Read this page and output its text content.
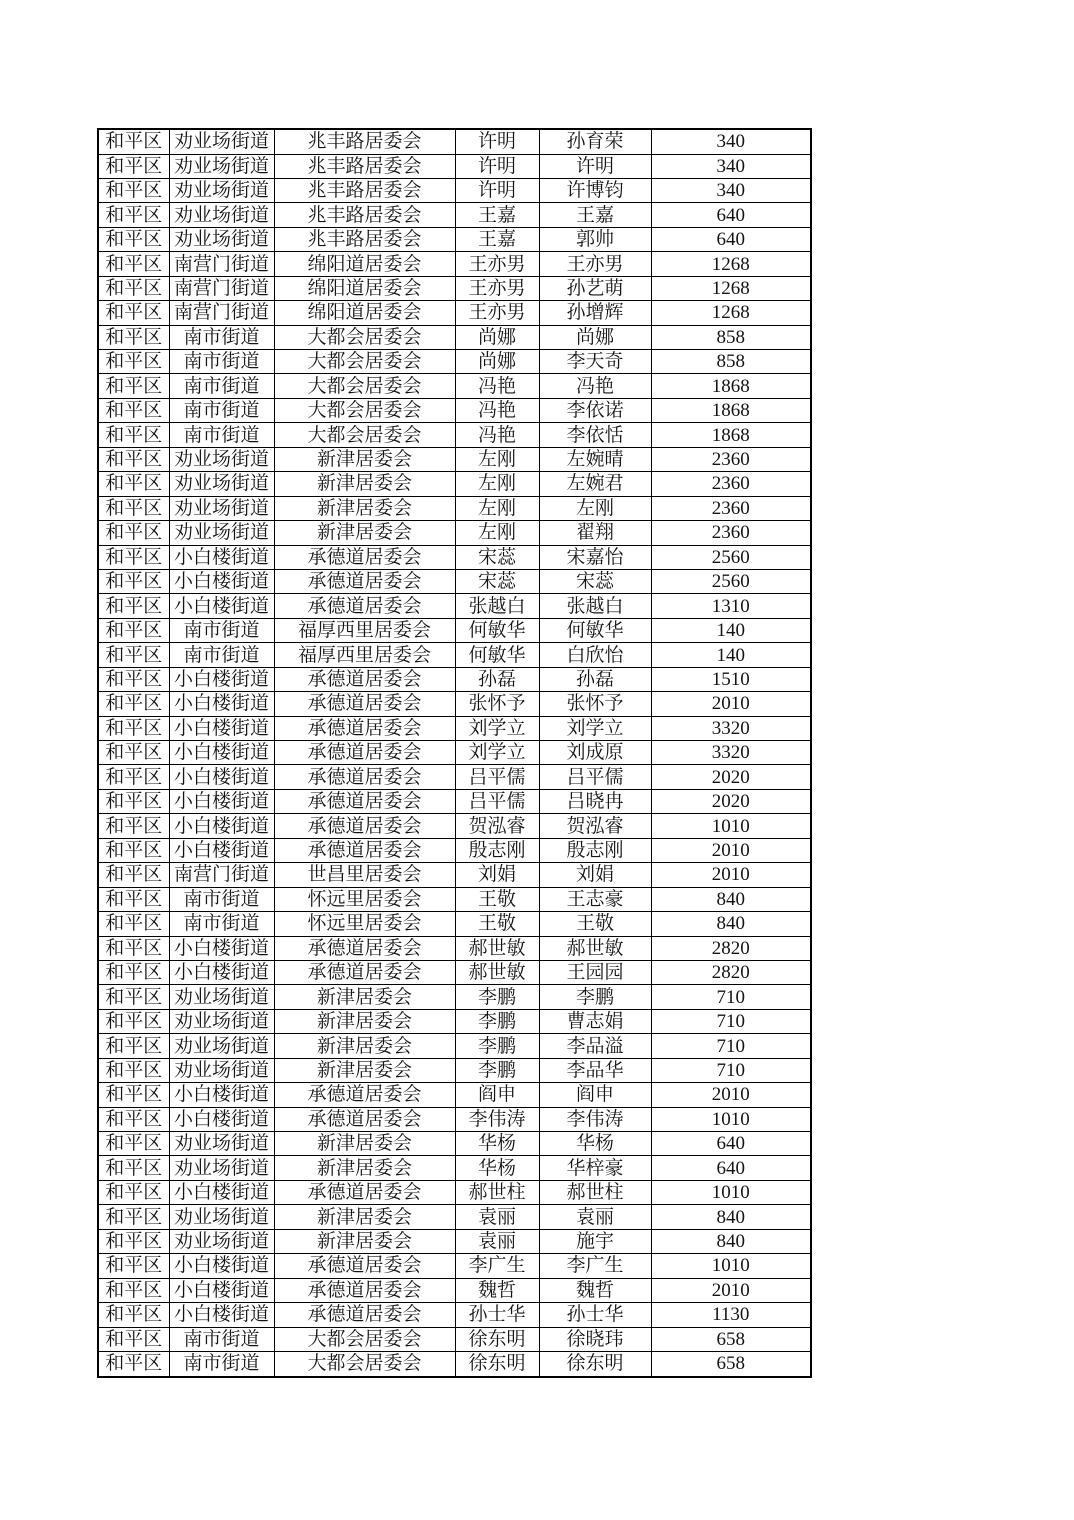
和平区	劝业场街道	兆丰路居委会	许明	孙育荣	340
和平区	劝业场街道	兆丰路居委会	许明	许明	340
和平区	劝业场街道	兆丰路居委会	许明	许博钧	340
和平区	劝业场街道	兆丰路居委会	王嘉	王嘉	640
和平区	劝业场街道	兆丰路居委会	王嘉	郭帅	640
和平区	南营门街道	绵阳道居委会	王亦男	王亦男	1268
和平区	南营门街道	绵阳道居委会	王亦男	孙艺萌	1268
和平区	南营门街道	绵阳道居委会	王亦男	孙增辉	1268
和平区	南市街道	大都会居委会	尚娜	尚娜	858
和平区	南市街道	大都会居委会	尚娜	李天奇	858
和平区	南市街道	大都会居委会	冯艳	冯艳	1868
和平区	南市街道	大都会居委会	冯艳	李依诺	1868
和平区	南市街道	大都会居委会	冯艳	李依恬	1868
和平区	劝业场街道	新津居委会	左刚	左婉晴	2360
和平区	劝业场街道	新津居委会	左刚	左婉君	2360
和平区	劝业场街道	新津居委会	左刚	左刚	2360
和平区	劝业场街道	新津居委会	左刚	翟翔	2360
和平区	小白楼街道	承德道居委会	宋蕊	宋嘉怡	2560
和平区	小白楼街道	承德道居委会	宋蕊	宋蕊	2560
和平区	小白楼街道	承德道居委会	张越白	张越白	1310
和平区	南市街道	福厚西里居委会	何敏华	何敏华	140
和平区	南市街道	福厚西里居委会	何敏华	白欣怡	140
和平区	小白楼街道	承德道居委会	孙磊	孙磊	1510
和平区	小白楼街道	承德道居委会	张怀予	张怀予	2010
和平区	小白楼街道	承德道居委会	刘学立	刘学立	3320
和平区	小白楼街道	承德道居委会	刘学立	刘成原	3320
和平区	小白楼街道	承德道居委会	吕平儒	吕平儒	2020
和平区	小白楼街道	承德道居委会	吕平儒	吕晓冉	2020
和平区	小白楼街道	承德道居委会	贺泓睿	贺泓睿	1010
和平区	小白楼街道	承德道居委会	殷志刚	殷志刚	2010
和平区	南营门街道	世昌里居委会	刘娟	刘娟	2010
和平区	南市街道	怀远里居委会	王敬	王志豪	840
和平区	南市街道	怀远里居委会	王敬	王敬	840
和平区	小白楼街道	承德道居委会	郝世敏	郝世敏	2820
和平区	小白楼街道	承德道居委会	郝世敏	王园园	2820
和平区	劝业场街道	新津居委会	李鹏	李鹏	710
和平区	劝业场街道	新津居委会	李鹏	曹志娟	710
和平区	劝业场街道	新津居委会	李鹏	李品溢	710
和平区	劝业场街道	新津居委会	李鹏	李品华	710
和平区	小白楼街道	承德道居委会	阎申	阎申	2010
和平区	小白楼街道	承德道居委会	李伟涛	李伟涛	1010
和平区	劝业场街道	新津居委会	华杨	华杨	640
和平区	劝业场街道	新津居委会	华杨	华梓豪	640
和平区	小白楼街道	承德道居委会	郝世柱	郝世柱	1010
和平区	劝业场街道	新津居委会	袁丽	袁丽	840
和平区	劝业场街道	新津居委会	袁丽	施宇	840
和平区	小白楼街道	承德道居委会	李广生	李广生	1010
和平区	小白楼街道	承德道居委会	魏哲	魏哲	2010
和平区	小白楼街道	承德道居委会	孙士华	孙士华	1130
和平区	南市街道	大都会居委会	徐东明	徐晓玮	658
和平区	南市街道	大都会居委会	徐东明	徐东明	658
